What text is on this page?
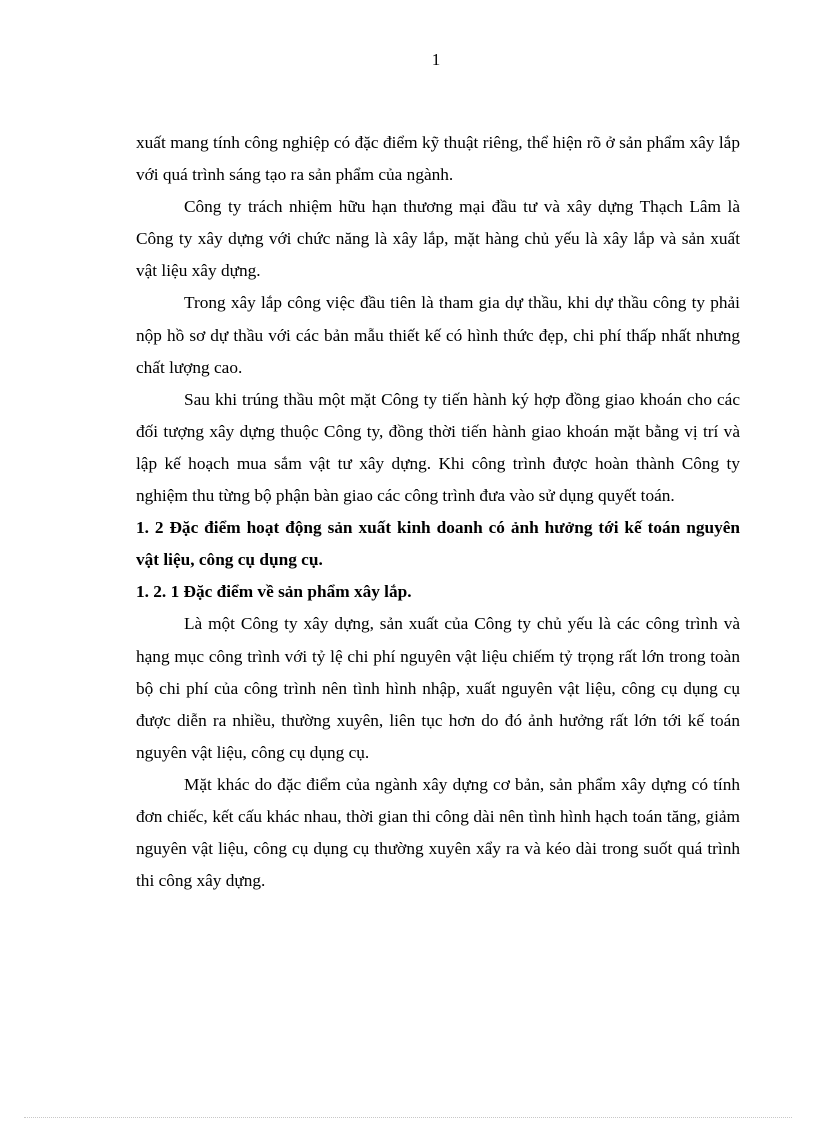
1

xuất mang tính công nghiệp có đặc điểm kỹ thuật riêng, thể hiện rõ ở sản phẩm xây lắp với quá trình sáng tạo ra sản phẩm của ngành.

Công ty trách nhiệm hữu hạn thương mại đầu tư và xây dựng Thạch Lâm là Công ty xây dựng với chức năng là xây lắp, mặt hàng chủ yếu là xây lắp và sản xuất vật liệu xây dựng.

Trong xây lắp công việc đầu tiên là tham gia dự thầu, khi dự thầu công ty phải nộp hồ sơ dự thầu với các bản mẫu thiết kế có hình thức đẹp, chi phí thấp nhất nhưng chất lượng cao.

Sau khi trúng thầu một mặt Công ty tiến hành ký hợp đồng giao khoán cho các đối tượng xây dựng thuộc Công ty, đồng thời tiến hành giao khoán mặt bằng vị trí và lập kế hoạch mua sắm vật tư xây dựng. Khi công trình được hoàn thành Công ty nghiệm thu từng bộ phận bàn giao các công trình đưa vào sử dụng quyết toán.

1. 2 Đặc điểm hoạt động sản xuất kinh doanh có ảnh hưởng tới kế toán nguyên vật liệu, công cụ dụng cụ.

1. 2. 1 Đặc điểm về sản phẩm xây lắp.

Là một Công ty xây dựng, sản xuất của Công ty chủ yếu là các công trình và hạng mục công trình với tỷ lệ chi phí nguyên vật liệu chiếm tỷ trọng rất lớn trong toàn bộ chi phí của công trình nên tình hình nhập, xuất nguyên vật liệu, công cụ dụng cụ được diễn ra nhiều, thường xuyên, liên tục hơn do đó ảnh hưởng rất lớn tới kế toán nguyên vật liệu, công cụ dụng cụ.

Mặt khác do đặc điểm của ngành xây dựng cơ bản, sản phẩm xây dựng có tính đơn chiếc, kết cấu khác nhau, thời gian thi công dài nên tình hình hạch toán tăng, giảm nguyên vật liệu, công cụ dụng cụ thường xuyên xẩy ra và kéo dài trong suốt quá trình thi công xây dựng.
